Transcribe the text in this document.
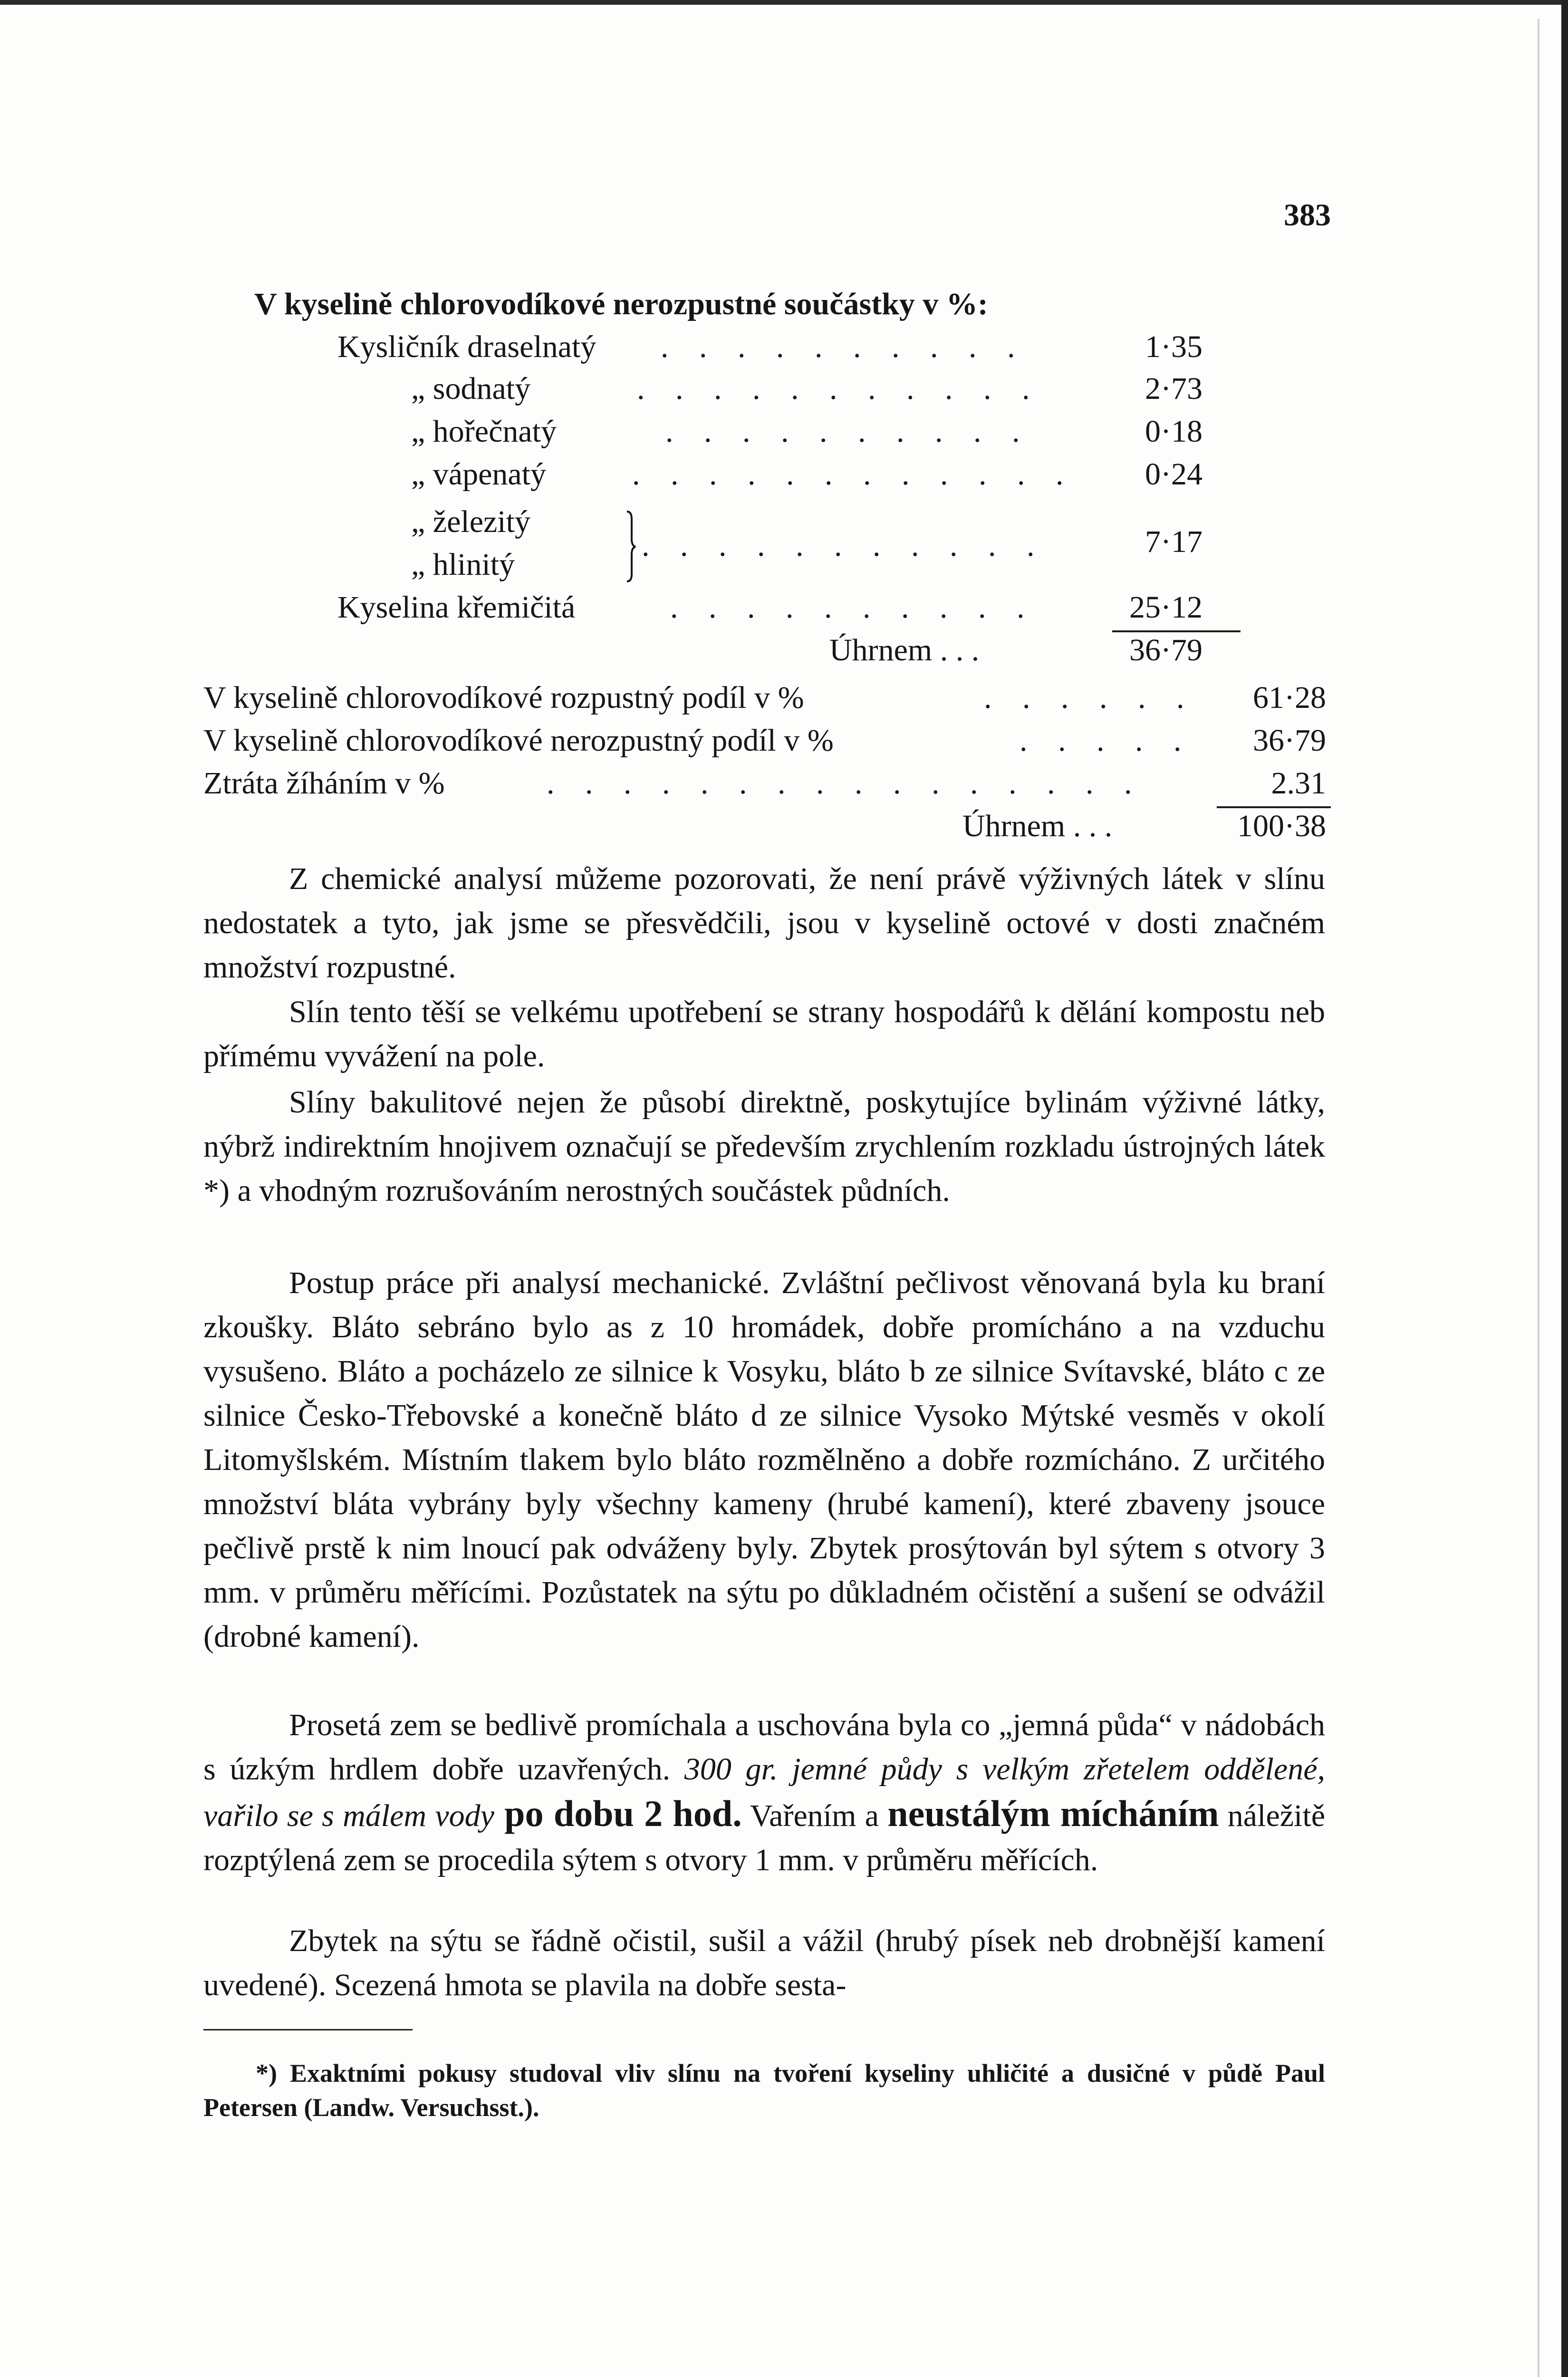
383
V kyselině chlorovodíkové nerozpustné součástky v %:
Kysličník draselnatý . . . . . . . . . .	1·35
„ sodnatý	. . . . . . . . . . .	2·73
„ hořečnatý	. . . . . . . . . .	0·18
„ vápenatý	. . . . . . . . . . . .	0·24
„ železitý
„ hlinitý
. . . . . . . . . . .	7·17
Kyselina křemičitá	. . . . . . . . . .	25·12
Úhrnem . . .	36·79
V kyselině chlorovodíkové rozpustný podíl v %	. . . . . .	61·28
V kyselině chlorovodíkové nerozpustný podíl v %	. . . . .	36·79
Ztráta žíháním v %	. . . . . . . . . . . . . . . .	2.31
Úhrnem . . .	100·38
Z chemické analysí můžeme pozorovati, že není právě výživných látek v slínu nedostatek a tyto, jak jsme se přesvědčili, jsou v kyselině octové v dosti značném množství rozpustné.
Slín tento těší se velkému upotřebení se strany hospodářů k dělání kompostu neb přímému vyvážení na pole.
Slíny bakulitové nejen že působí direktně, poskytujíce bylinám výživné látky, nýbrž indirektním hnojivem označují se především zrychlením rozkladu ústrojných látek *) a vhodným rozrušováním nerostných součástek půdních.
Postup práce při analysí mechanické. Zvláštní pečlivost věnovaná byla ku braní zkoušky. Bláto sebráno bylo as z 10 hromádek, dobře promícháno a na vzduchu vysušeno. Bláto a pocházelo ze silnice k Vosyku, bláto b ze silnice Svítavské, bláto c ze silnice Česko-Třebovské a konečně bláto d ze silnice Vysoko Mýtské vesměs v okolí Litomyšlském. Místním tlakem bylo bláto rozmělněno a dobře rozmícháno. Z určitého množství bláta vybrány byly všechny kameny (hrubé kamení), které zbaveny jsouce pečlivě prstě k nim lnoucí pak odváženy byly. Zbytek prosýtován byl sýtem s otvory 3 mm. v průměru měřícími. Pozůstatek na sýtu po důkladném očistění a sušení se odvážil (drobné kamení).
Prosetá zem se bedlivě promíchala a uschována byla co „jemná půda“ v nádobách s úzkým hrdlem dobře uzavřených. 300 gr. jemné půdy s velkým zřetelem oddělené, vařilo se s málem vody po dobu 2 hod. Vařením a neustálým mícháním náležitě rozptýlená zem se procedila sýtem s otvory 1 mm. v průměru měřících.
Zbytek na sýtu se řádně očistil, sušil a vážil (hrubý písek neb drobnější kamení uvedené). Scezená hmota se plavila na dobře sesta-
*) Exaktními pokusy studoval vliv slínu na tvoření kyseliny uhličité a dusičné v půdě Paul Petersen (Landw. Versuchsst.).
